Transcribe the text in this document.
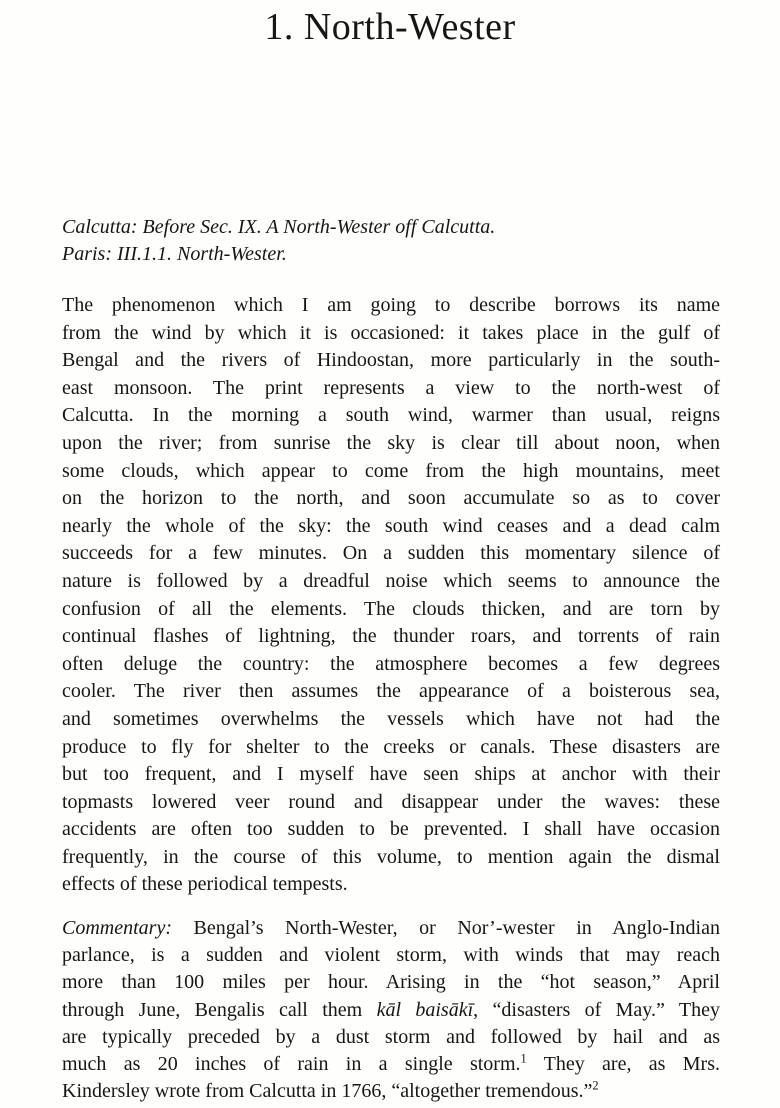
1. North-Wester
Calcutta: Before Sec. IX. A North-Wester off Calcutta.
Paris: III.1.1. North-Wester.
The phenomenon which I am going to describe borrows its name
from the wind by which it is occasioned: it takes place in the gulf of
Bengal and the rivers of Hindoostan, more particularly in the south-
east monsoon. The print represents a view to the north-west of
Calcutta. In the morning a south wind, warmer than usual, reigns
upon the river; from sunrise the sky is clear till about noon, when
some clouds, which appear to come from the high mountains, meet
on the horizon to the north, and soon accumulate so as to cover
nearly the whole of the sky: the south wind ceases and a dead calm
succeeds for a few minutes. On a sudden this momentary silence of
nature is followed by a dreadful noise which seems to announce the
confusion of all the elements. The clouds thicken, and are torn by
continual flashes of lightning, the thunder roars, and torrents of rain
often deluge the country: the atmosphere becomes a few degrees
cooler. The river then assumes the appearance of a boisterous sea,
and sometimes overwhelms the vessels which have not had the
produce to fly for shelter to the creeks or canals. These disasters are
but too frequent, and I myself have seen ships at anchor with their
topmasts lowered veer round and disappear under the waves: these
accidents are often too sudden to be prevented. I shall have occasion
frequently, in the course of this volume, to mention again the dismal
effects of these periodical tempests.
Commentary: Bengal’s North-Wester, or Nor’-wester in Anglo-Indian
parlance, is a sudden and violent storm, with winds that may reach
more than 100 miles per hour. Arising in the “hot season,” April
through June, Bengalis call them kāl baisākī, “disasters of May.” They
are typically preceded by a dust storm and followed by hail and as
much as 20 inches of rain in a single storm.$^1$ They are, as Mrs.
Kindersley wrote from Calcutta in 1766, “altogether tremendous.”$^2$
